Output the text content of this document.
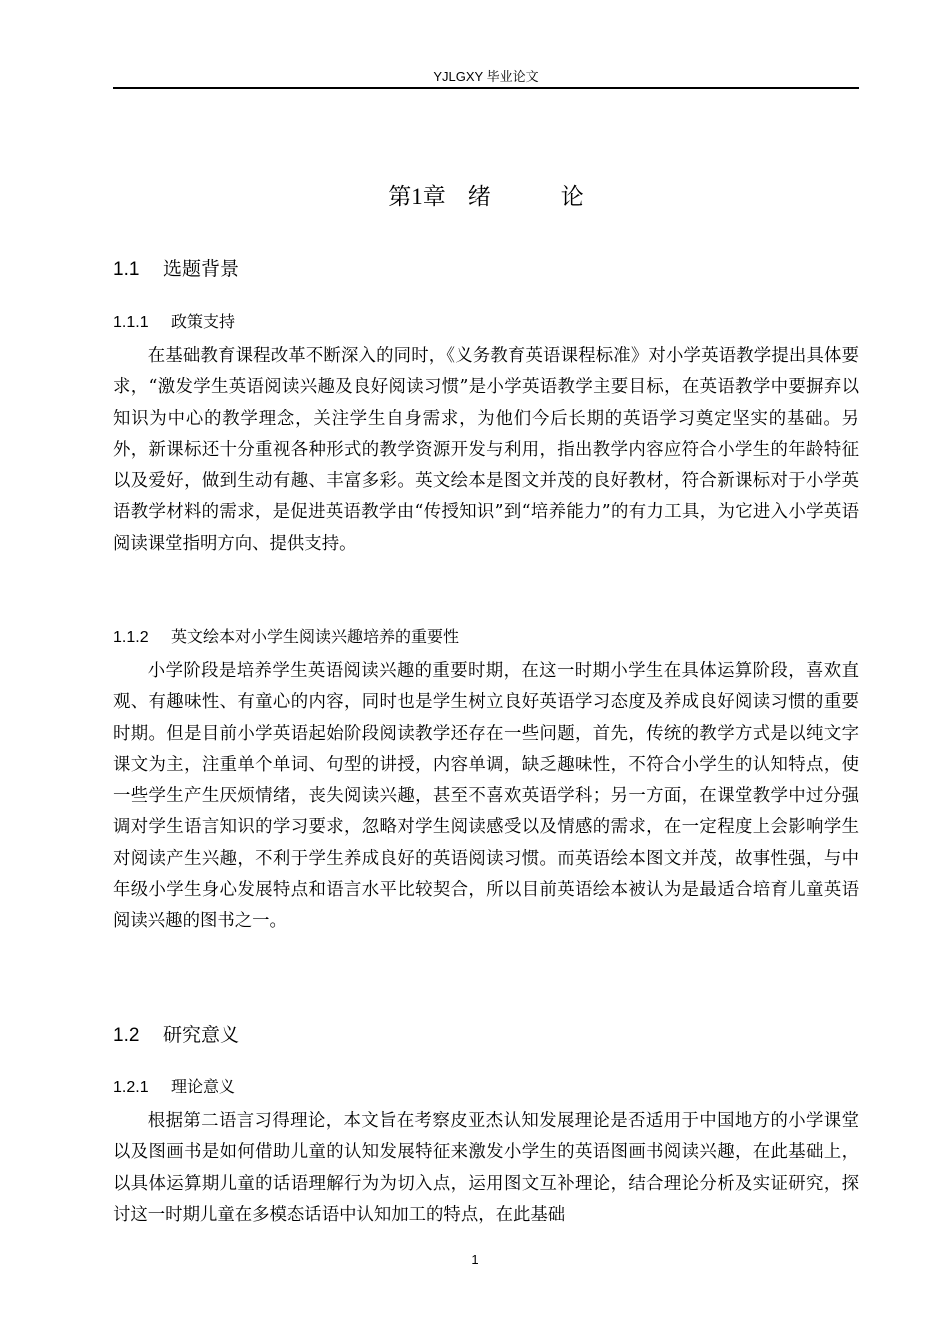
YJLGXY 毕业论文
第1章 绪	论
1.1 选题背景
1.1.1 政策支持

在基础教育课程改革不断深入的同时，《义务教育英语课程标准》对小学英语教学提出具体要求，“激发学生英语阅读兴趣及良好阅读习惯”是小学英语教学主要目标，在英语教学中要摒弃以知识为中心的教学理念，关注学生自身需求，为他们今后长期的英语学习奠定坚实的基础。另外，新课标还十分重视各种形式的教学资源开发与利用，指出教学内容应符合小学生的年龄特征以及爱好，做到生动有趣、丰富多彩。英文绘本是图文并茂的良好教材，符合新课标对于小学英语教学材料的需求，是促进英语教学由“传授知识”到“培养能力”的有力工具，为它进入小学英语阅读课堂指明方向、提供支持。

1.1.2 英文绘本对小学生阅读兴趣培养的重要性

小学阶段是培养学生英语阅读兴趣的重要时期，在这一时期小学生在具体运算阶段，喜欢直观、有趣味性、有童心的内容，同时也是学生树立良好英语学习态度及养成良好阅读习惯的重要时期。但是目前小学英语起始阶段阅读教学还存在一些问题，首先，传统的教学方式是以纯文字课文为主，注重单个单词、句型的讲授，内容单调，缺乏趣味性，不符合小学生的认知特点，使一些学生产生厌烦情绪，丧失阅读兴趣，甚至不喜欢英语学科；另一方面，在课堂教学中过分强调对学生语言知识的学习要求，忽略对学生阅读感受以及情感的需求，在一定程度上会影响学生对阅读产生兴趣，不利于学生养成良好的英语阅读习惯。而英语绘本图文并茂，故事性强，与中年级小学生身心发展特点和语言水平比较契合，所以目前英语绘本被认为是最适合培育儿童英语阅读兴趣的图书之一。

1.2 研究意义
1.2.1 理论意义

根据第二语言习得理论，本文旨在考察皮亚杰认知发展理论是否适用于中国地方的小学课堂以及图画书是如何借助儿童的认知发展特征来激发小学生的英语图画书阅读兴趣，在此基础上，以具体运算期儿童的话语理解行为为切入点，运用图文互补理论，结合理论分析及实证研究，探讨这一时期儿童在多模态话语中认知加工的特点，在此基础

1
